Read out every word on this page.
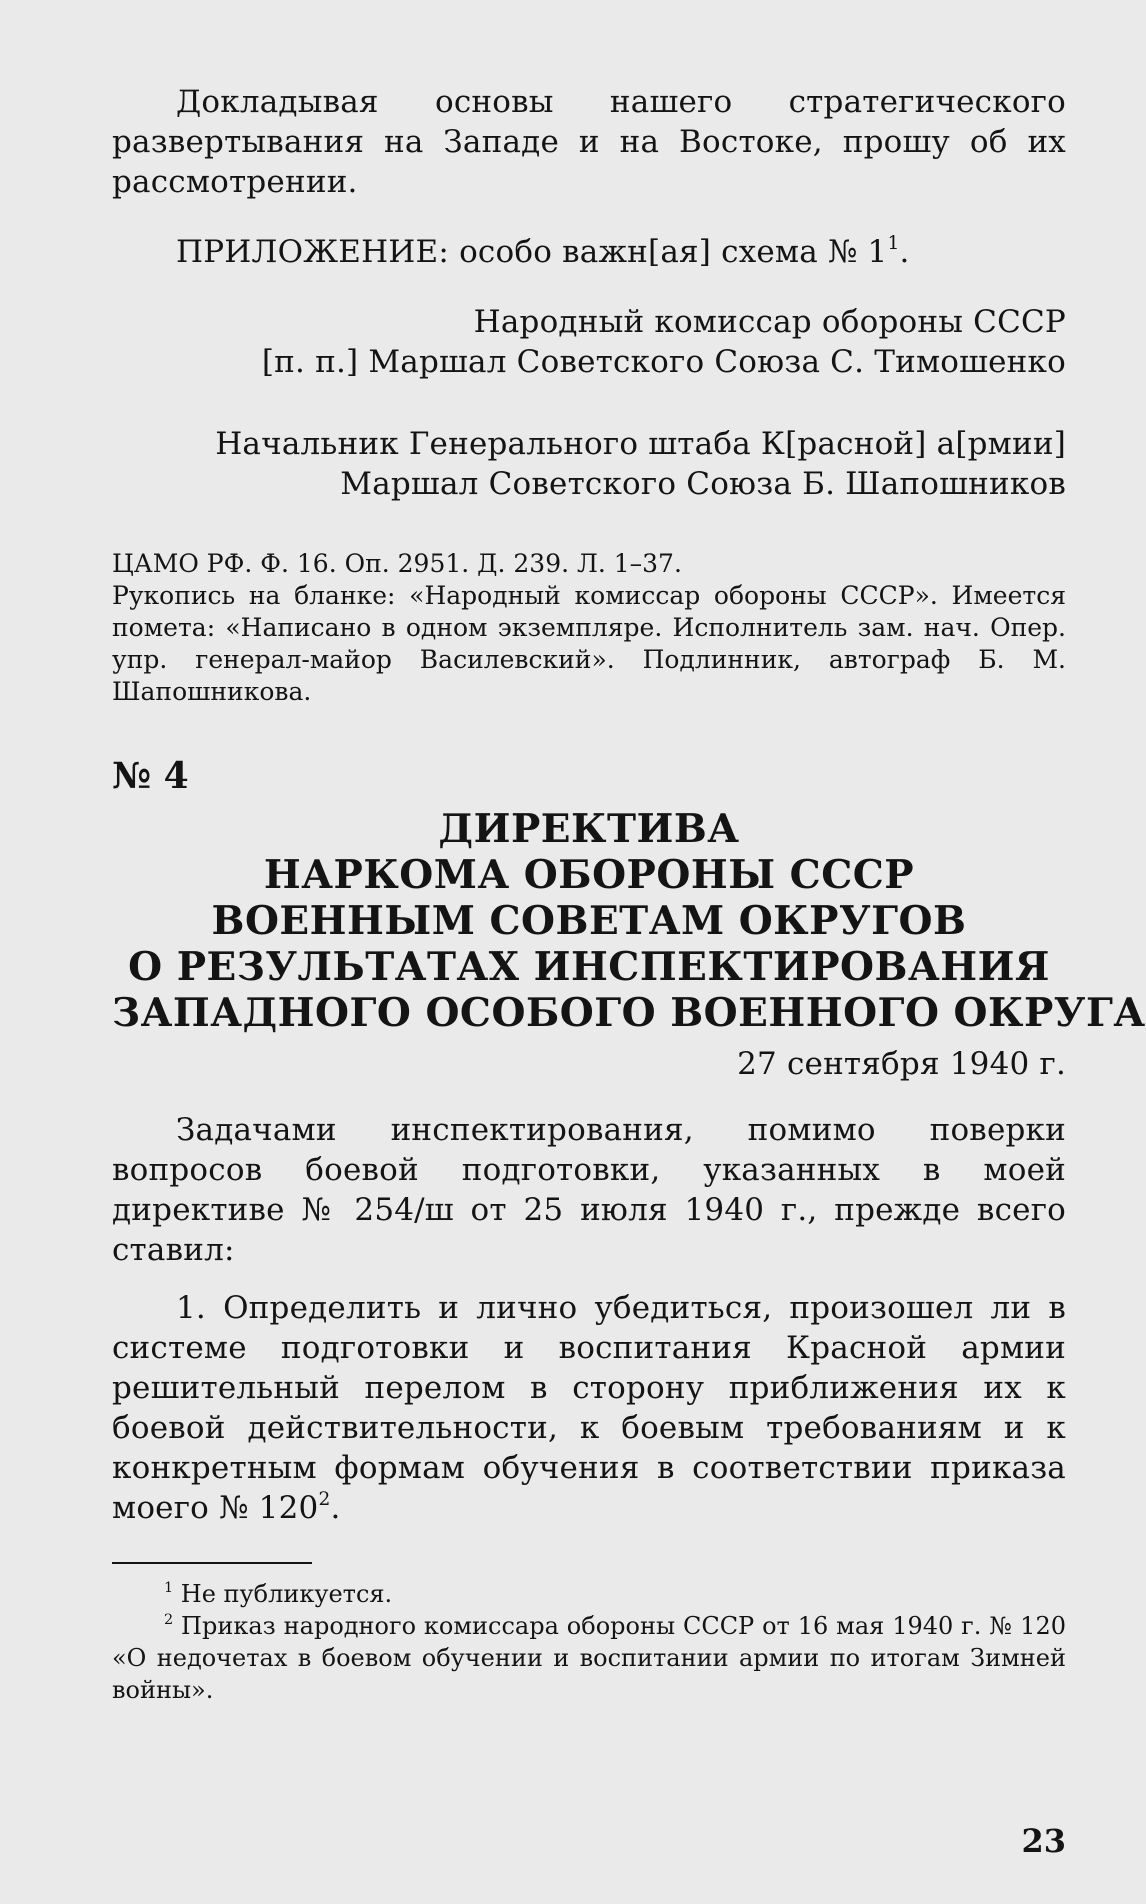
Докладывая основы нашего стратегического развертывания на Западе и на Востоке, прошу об их рассмотрении.

ПРИЛОЖЕНИЕ: особо важн[ая] схема № $1^1$.

Народный комиссар обороны СССР

[п. п.] Маршал Советского Союза С. Тимошенко

Начальник Генерального штаба К[расной] а[рмии]

Маршал Советского Союза Б. Шапошников

ЦАМО РФ. Ф. 16. Оп. 2951. Д. 239. Л. 1–37.

Рукопись на бланке: «Народный комиссар обороны СССР». Имеется помета: «Написано в одном экземпляре. Исполнитель зам. нач. Опер. упр. генерал-майор Василевский». Подлинник, автограф Б. М. Шапошникова.

№ 4

ДИРЕКТИВА
НАРКОМА ОБОРОНЫ СССР
ВОЕННЫМ СОВЕТАМ ОКРУГОВ
О РЕЗУЛЬТАТАХ ИНСПЕКТИРОВАНИЯ
ЗАПАДНОГО ОСОБОГО ВОЕННОГО ОКРУГА

27 сентября 1940 г.

Задачами инспектирования, помимо поверки вопросов боевой подготовки, указанных в моей директиве № 254/ш от 25 июля 1940 г., прежде всего ставил:

1. Определить и лично убедиться, произошел ли в системе подготовки и воспитания Красной армии решительный перелом в сторону приближения их к боевой действительности, к боевым требованиям и к конкретным формам обучения в соответствии приказа моего № $120^2$.

$^1$ Не публикуется.

$^2$ Приказ народного комиссара обороны СССР от 16 мая 1940 г. № 120 «О недочетах в боевом обучении и воспитании армии по итогам Зимней войны».

23
